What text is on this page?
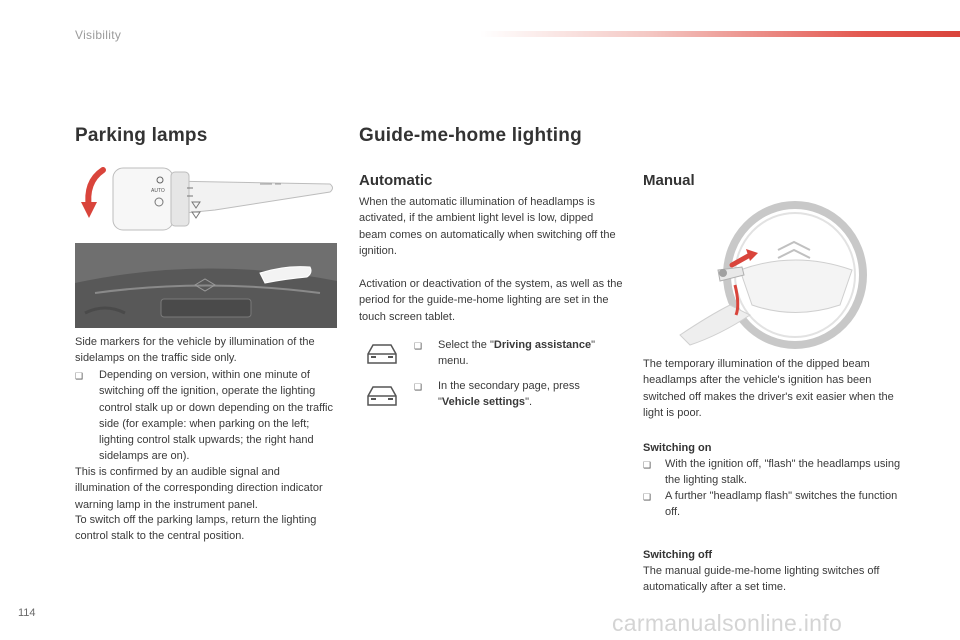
Visibility
Parking lamps
AUTO
Side markers for the vehicle by illumination of the sidelamps on the traffic side only.
❑ Depending on version, within one minute of switching off the ignition, operate the lighting control stalk up or down depending on the traffic side (for example: when parking on the left; lighting control stalk upwards; the right hand sidelamps are on).
This is confirmed by an audible signal and illumination of the corresponding direction indicator warning lamp in the instrument panel.
To switch off the parking lamps, return the lighting control stalk to the central position.
Guide-me-home lighting
Automatic
When the automatic illumination of headlamps is activated, if the ambient light level is low, dipped beam comes on automatically when switching off the ignition.
Activation or deactivation of the system, as well as the period for the guide-me-home lighting are set in the touch screen tablet.
❑ Select the "Driving assistance" menu.
❑ In the secondary page, press "Vehicle settings".
Manual
The temporary illumination of the dipped beam headlamps after the vehicle's ignition has been switched off makes the driver's exit easier when the light is poor.
Switching on
❑ With the ignition off, "flash" the headlamps using the lighting stalk.
❑ A further "headlamp flash" switches the function off.
Switching off
The manual guide-me-home lighting switches off automatically after a set time.
114	carmanualsonline.info
